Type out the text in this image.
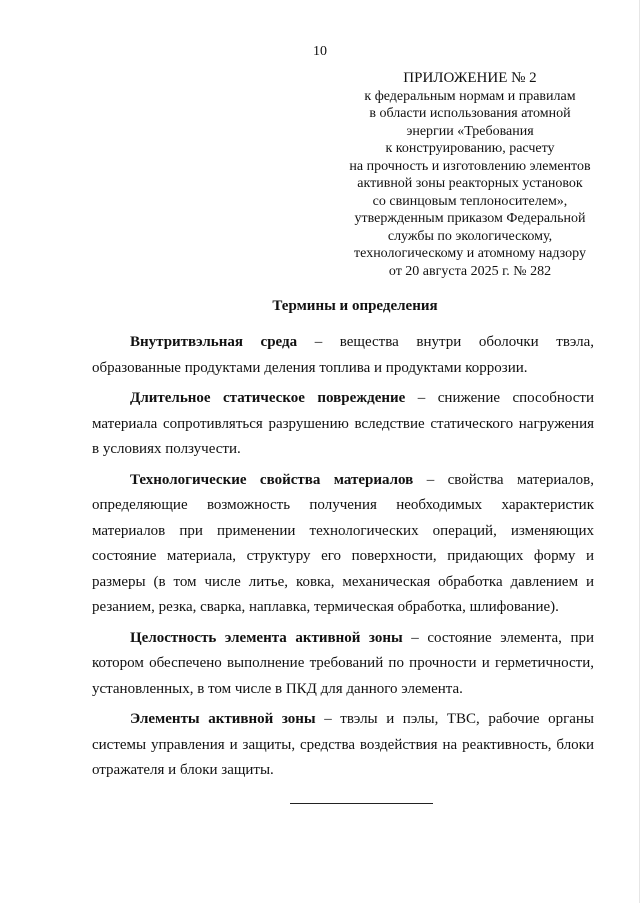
10
ПРИЛОЖЕНИЕ № 2
к федеральным нормам и правилам
в области использования атомной
энергии «Требования
к конструированию, расчету
на прочность и изготовлению элементов
активной зоны реакторных установок
со свинцовым теплоносителем»,
утвержденным приказом Федеральной
службы по экологическому,
технологическому и атомному надзору
от 20 августа 2025 г. № 282
Термины и определения

Внутритвэльная среда – вещества внутри оболочки твэла, образованные продуктами деления топлива и продуктами коррозии.

Длительное статическое повреждение – снижение способности материала сопротивляться разрушению вследствие статического нагружения в условиях ползучести.

Технологические свойства материалов – свойства материалов, определяющие возможность получения необходимых характеристик материалов при применении технологических операций, изменяющих состояние материала, структуру его поверхности, придающих форму и размеры (в том числе литье, ковка, механическая обработка давлением и резанием, резка, сварка, наплавка, термическая обработка, шлифование).

Целостность элемента активной зоны – состояние элемента, при котором обеспечено выполнение требований по прочности и герметичности, установленных, в том числе в ПКД для данного элемента.

Элементы активной зоны – твэлы и пэлы, ТВС, рабочие органы системы управления и защиты, средства воздействия на реактивность, блоки отражателя и блоки защиты.
